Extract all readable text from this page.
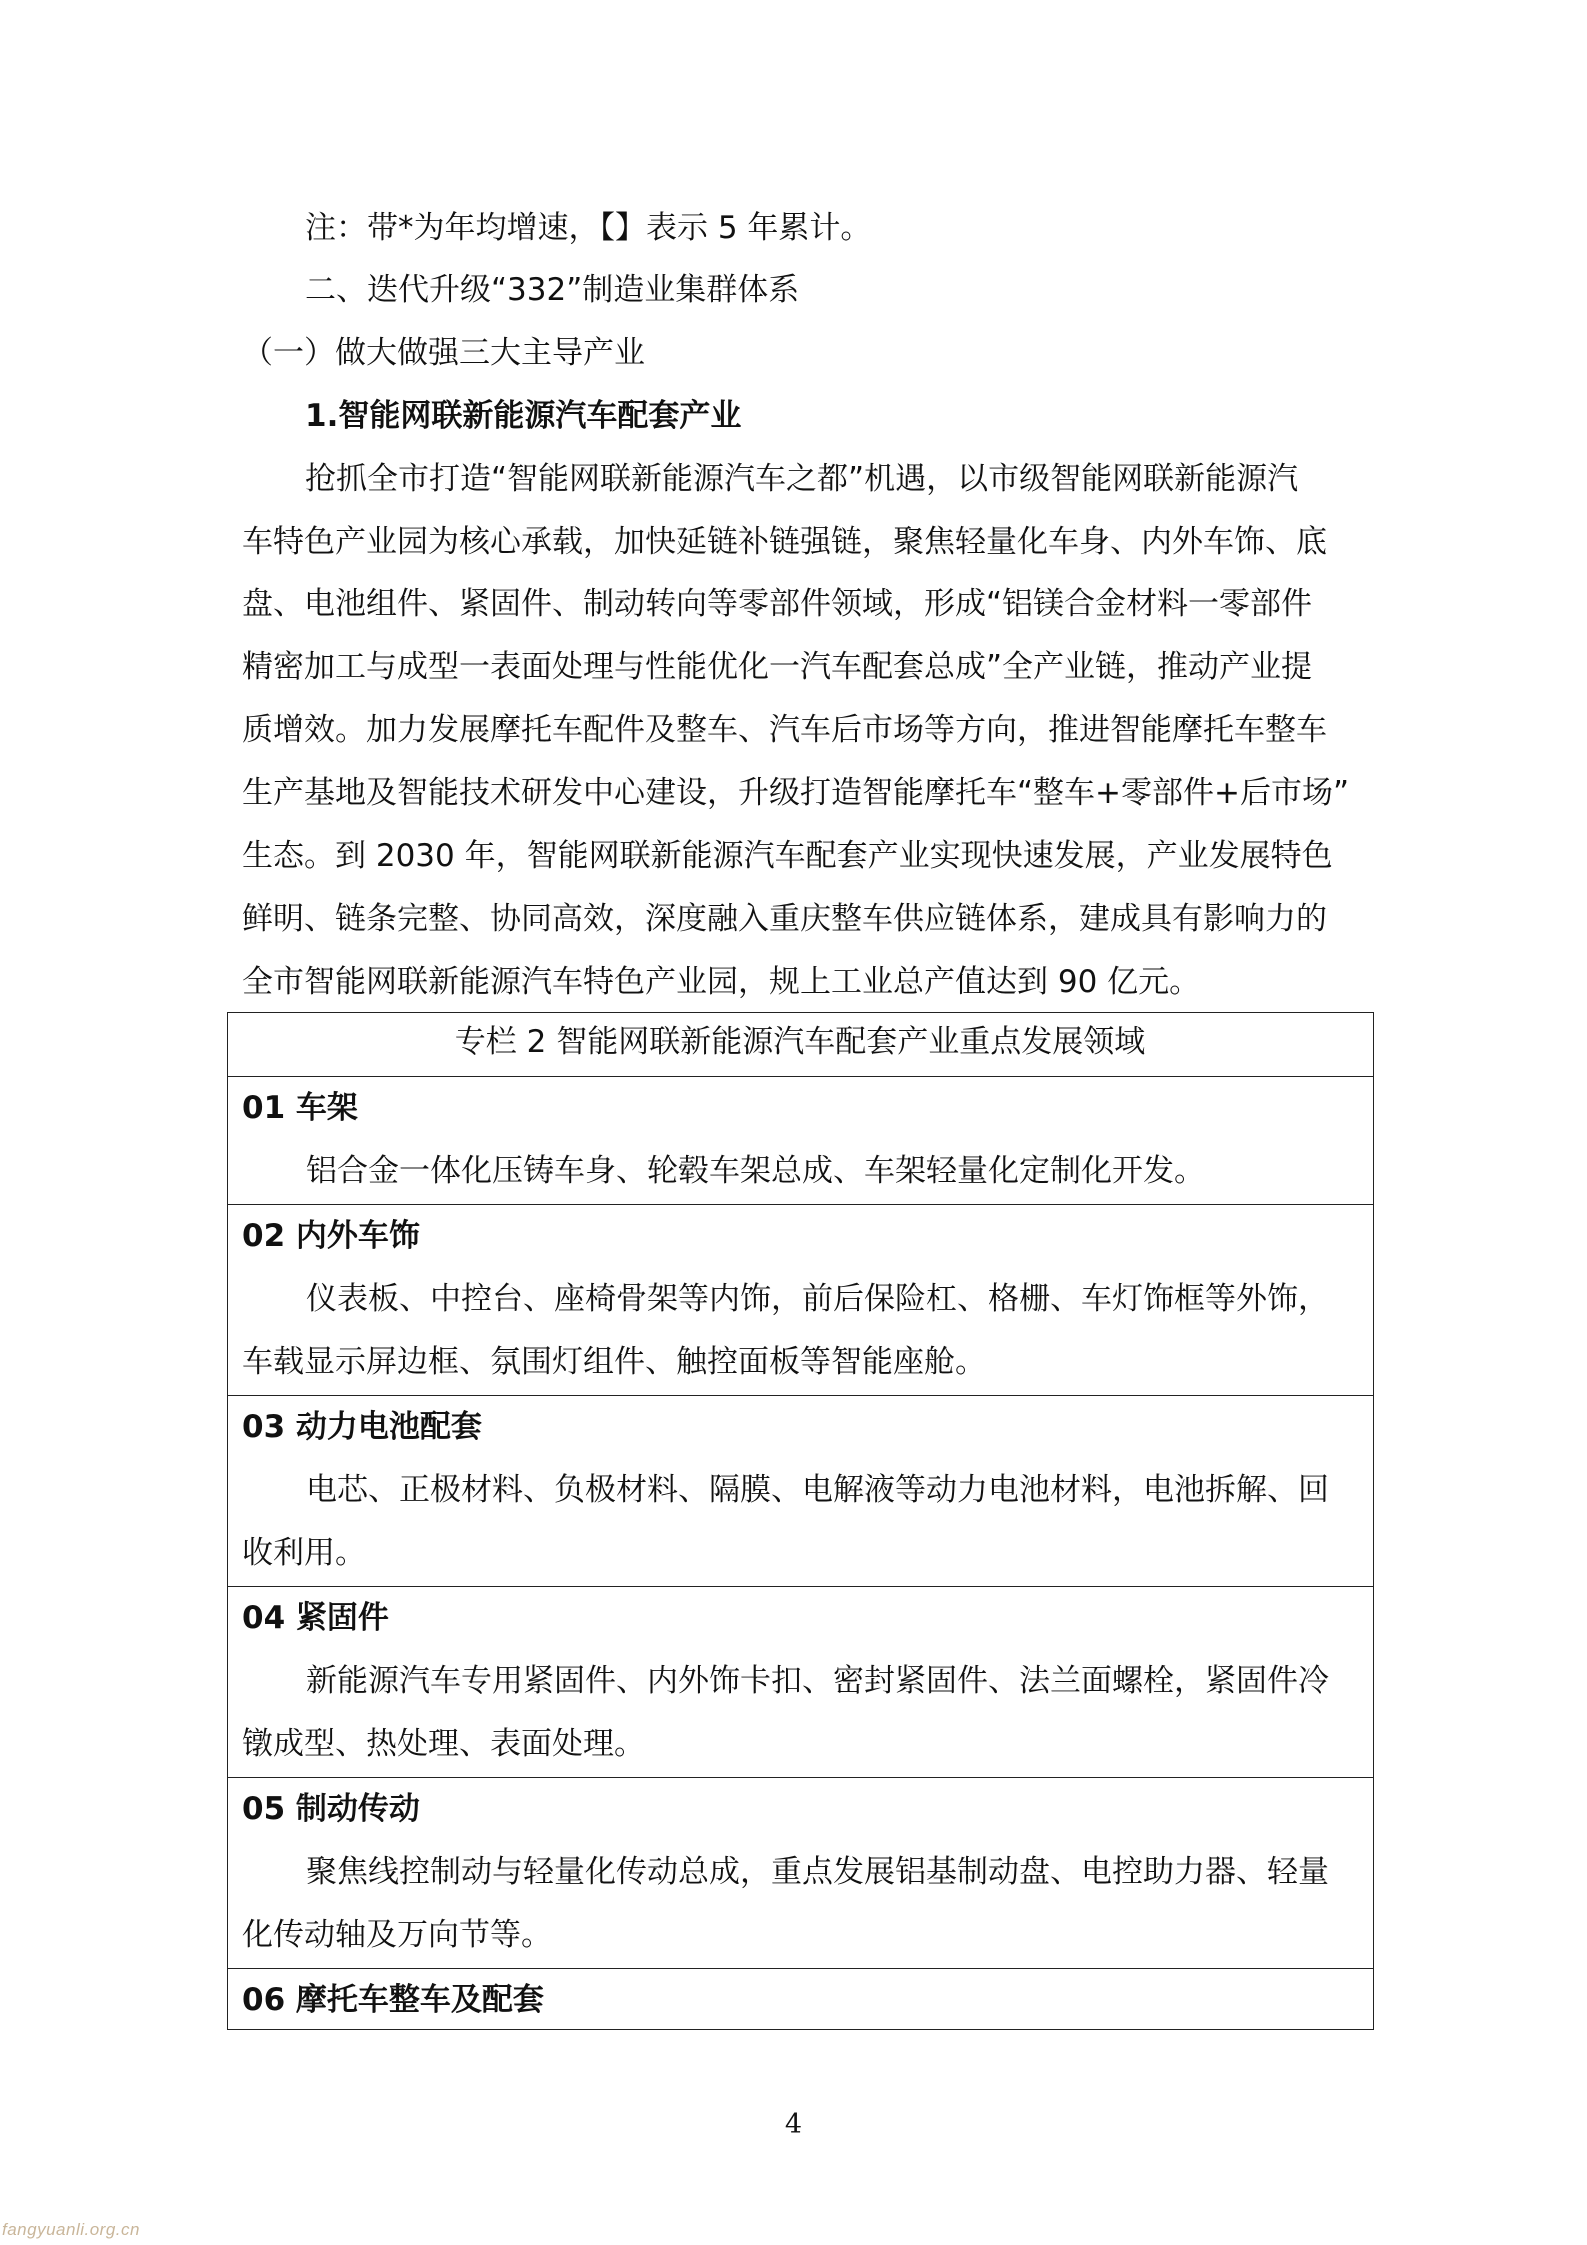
注：带*为年均增速，【】表示 5 年累计。
二、迭代升级“332”制造业集群体系
（一）做大做强三大主导产业
1.智能网联新能源汽车配套产业
抢抓全市打造“智能网联新能源汽车之都”机遇，以市级智能网联新能源汽
车特色产业园为核心承载，加快延链补链强链，聚焦轻量化车身、内外车饰、底
盘、电池组件、紧固件、制动转向等零部件领域，形成“铝镁合金材料一零部件
精密加工与成型一表面处理与性能优化一汽车配套总成”全产业链，推动产业提
质增效。加力发展摩托车配件及整车、汽车后市场等方向，推进智能摩托车整车
生产基地及智能技术研发中心建设，升级打造智能摩托车“整车+零部件+后市场”
生态。到 2030 年，智能网联新能源汽车配套产业实现快速发展，产业发展特色
鲜明、链条完整、协同高效，深度融入重庆整车供应链体系，建成具有影响力的
全市智能网联新能源汽车特色产业园，规上工业总产值达到 90 亿元。
专栏 2 智能网联新能源汽车配套产业重点发展领域
01 车架
铝合金一体化压铸车身、轮毂车架总成、车架轻量化定制化开发。
02 内外车饰
仪表板、中控台、座椅骨架等内饰，前后保险杠、格栅、车灯饰框等外饰，
车载显示屏边框、氛围灯组件、触控面板等智能座舱。
03 动力电池配套
电芯、正极材料、负极材料、隔膜、电解液等动力电池材料，电池拆解、回
收利用。
04 紧固件
新能源汽车专用紧固件、内外饰卡扣、密封紧固件、法兰面螺栓，紧固件冷
镦成型、热处理、表面处理。
05 制动传动
聚焦线控制动与轻量化传动总成，重点发展铝基制动盘、电控助力器、轻量
化传动轴及万向节等。
06 摩托车整车及配套
4
fangyuanli.org.cn
